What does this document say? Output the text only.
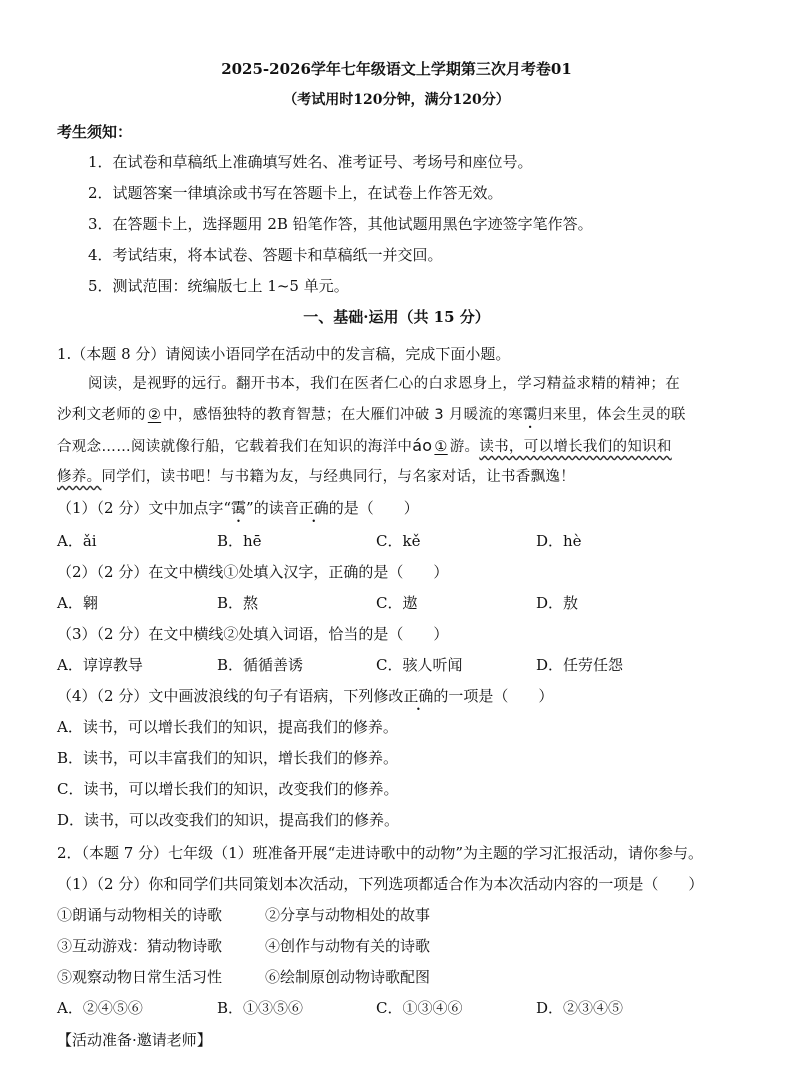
2025-2026学年七年级语文上学期第三次月考卷01
（考试用时120分钟，满分120分）
考生须知：
1．在试卷和草稿纸上准确填写姓名、准考证号、考场号和座位号。
2．试题答案一律填涂或书写在答题卡上，在试卷上作答无效。
3．在答题卡上，选择题用 2B 铅笔作答，其他试题用黑色字迹签字笔作答。
4．考试结束，将本试卷、答题卡和草稿纸一并交回。
5．测试范围：统编版七上 1~5 单元。
一、基础·运用（共 15 分）
1.（本题 8 分）请阅读小语同学在活动中的发言稿，完成下面小题。
阅读，是视野的远行。翻开书本，我们在医者仁心的白求恩身上，学习精益求精的精神；在
沙利文老师的 ② 中，感悟独特的教育智慧；在大雁们冲破 3 月暖流的寒霭归来里，体会生灵的联
合观念……阅读就像行船，它载着我们在知识的海洋中áo ① 游。读书，可以增长我们的知识和
修养。同学们，读书吧！与书籍为友，与经典同行，与名家对话，让书香飘逸！
（1）（2 分）文中加点字“霭”的读音正确的是（　　）
A．ǎi	B．hē	C．kě	D．hè
（2）（2 分）在文中横线①处填入汉字，正确的是（　　）
A．翱	B．熬	C．遨	D．敖
（3）（2 分）在文中横线②处填入词语，恰当的是（　　）
A．谆谆教导	B．循循善诱	C．骇人听闻	D．任劳任怨
（4）（2 分）文中画波浪线的句子有语病，下列修改正确的一项是（　　）
A．读书，可以增长我们的知识，提高我们的修养。
B．读书，可以丰富我们的知识，增长我们的修养。
C．读书，可以增长我们的知识，改变我们的修养。
D．读书，可以改变我们的知识，提高我们的修养。
2．（本题 7 分）七年级（1）班准备开展“走进诗歌中的动物”为主题的学习汇报活动，请你参与。
（1）（2 分）你和同学们共同策划本次活动，下列选项都适合作为本次活动内容的一项是（　　）
①朗诵与动物相关的诗歌	②分享与动物相处的故事
③互动游戏：猜动物诗歌	④创作与动物有关的诗歌
⑤观察动物日常生活习性	⑥绘制原创动物诗歌配图
A．②④⑤⑥	B．①③⑤⑥	C．①③④⑥	D．②③④⑤
【活动准备·邀请老师】
